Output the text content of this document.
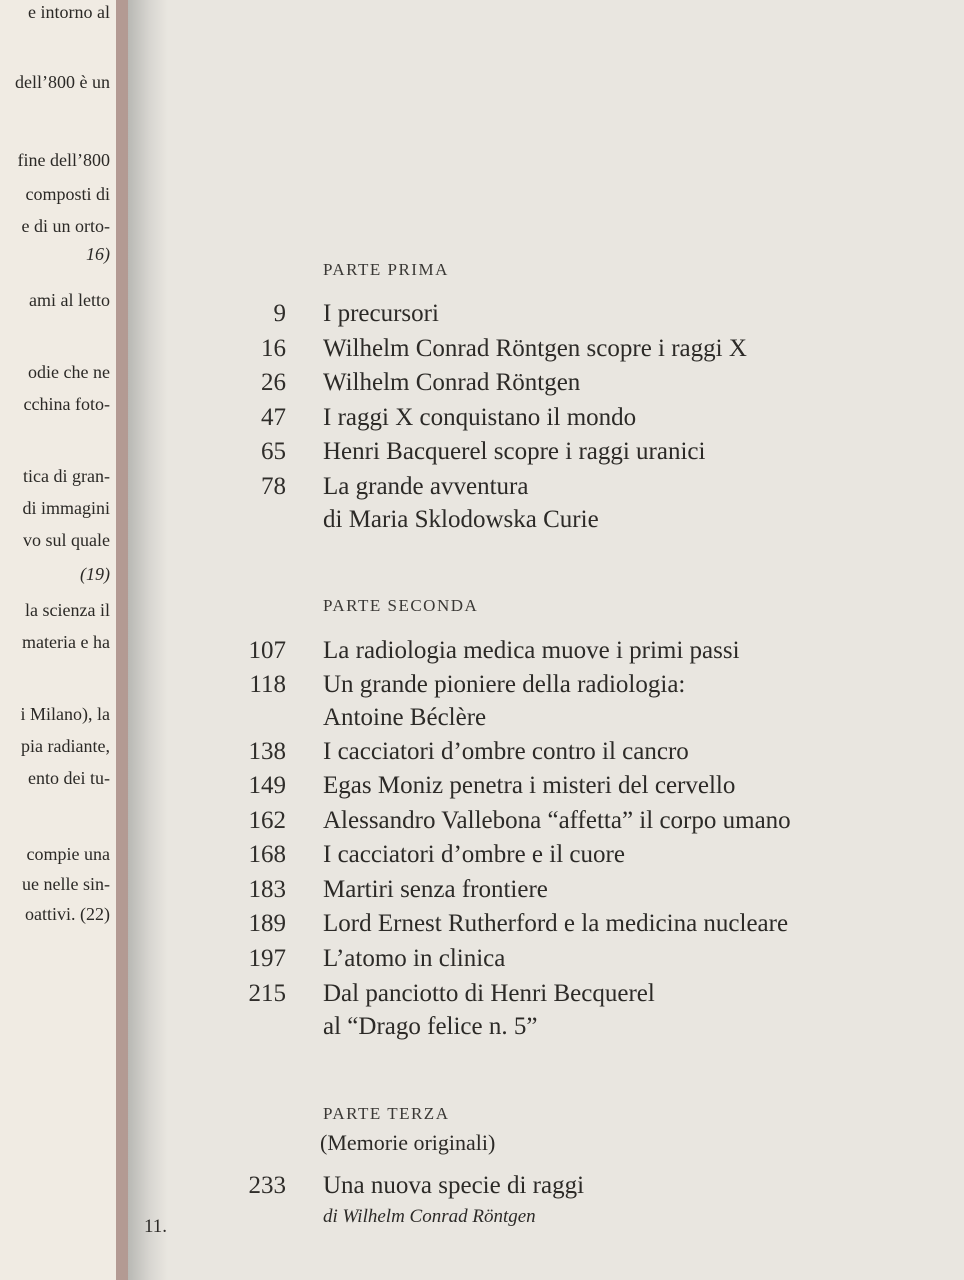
e intorno al
dell’800 è un
fine dell’800
composti di
e di un orto-
16)
ami al letto
odie che ne
cchina foto-
tica di gran-
di immagini
vo sul quale
(19)
la scienza il
materia e ha
i Milano), la
pia radiante,
ento dei tu-
compie una
ue nelle sin-
oattivi. (22)
PARTE PRIMA
9 I precursori
16 Wilhelm Conrad Röntgen scopre i raggi X
26 Wilhelm Conrad Röntgen
47 I raggi X conquistano il mondo
65 Henri Bacquerel scopre i raggi uranici
78 La grande avventura
di Maria Sklodowska Curie
PARTE SECONDA
107 La radiologia medica muove i primi passi
118 Un grande pioniere della radiologia:
Antoine Béclère
138 I cacciatori d’ombre contro il cancro
149 Egas Moniz penetra i misteri del cervello
162 Alessandro Vallebona “affetta” il corpo umano
168 I cacciatori d’ombre e il cuore
183 Martiri senza frontiere
189 Lord Ernest Rutherford e la medicina nucleare
197 L’atomo in clinica
215 Dal panciotto di Henri Becquerel
al “Drago felice n. 5”
PARTE TERZA
(Memorie originali)
233 Una nuova specie di raggi
di Wilhelm Conrad Röntgen
11.
